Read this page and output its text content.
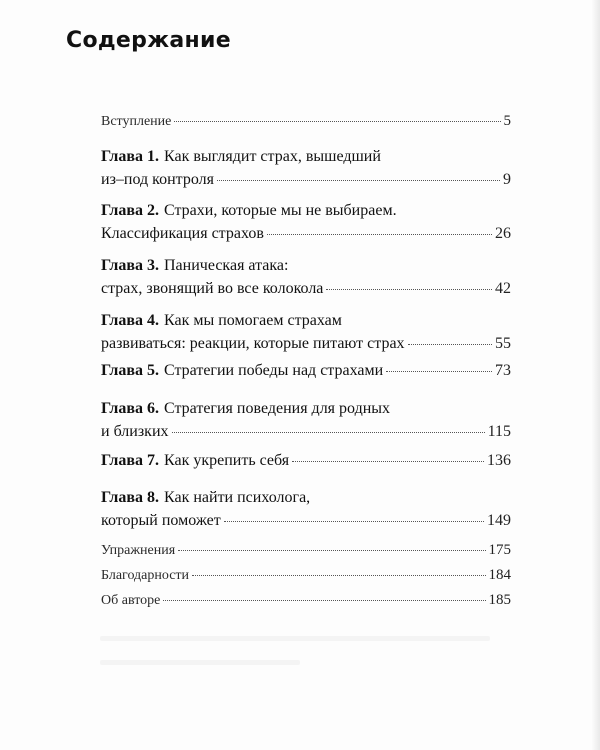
Содержание
Вступление	5
Глава 1. Как выглядит страх, вышедший
из–под контроля	9
Глава 2. Страхи, которые мы не выбираем.
Классификация страхов	26
Глава 3. Паническая атака:
страх, звонящий во все колокола	42
Глава 4. Как мы помогаем страхам
развиваться: реакции, которые питают страх	55
Глава 5. Стратегии победы над страхами	73
Глава 6. Стратегия поведения для родных
и близких	115
Глава 7. Как укрепить себя	136
Глава 8. Как найти психолога,
который поможет	149
Упражнения	175
Благодарности	184
Об авторе	185
